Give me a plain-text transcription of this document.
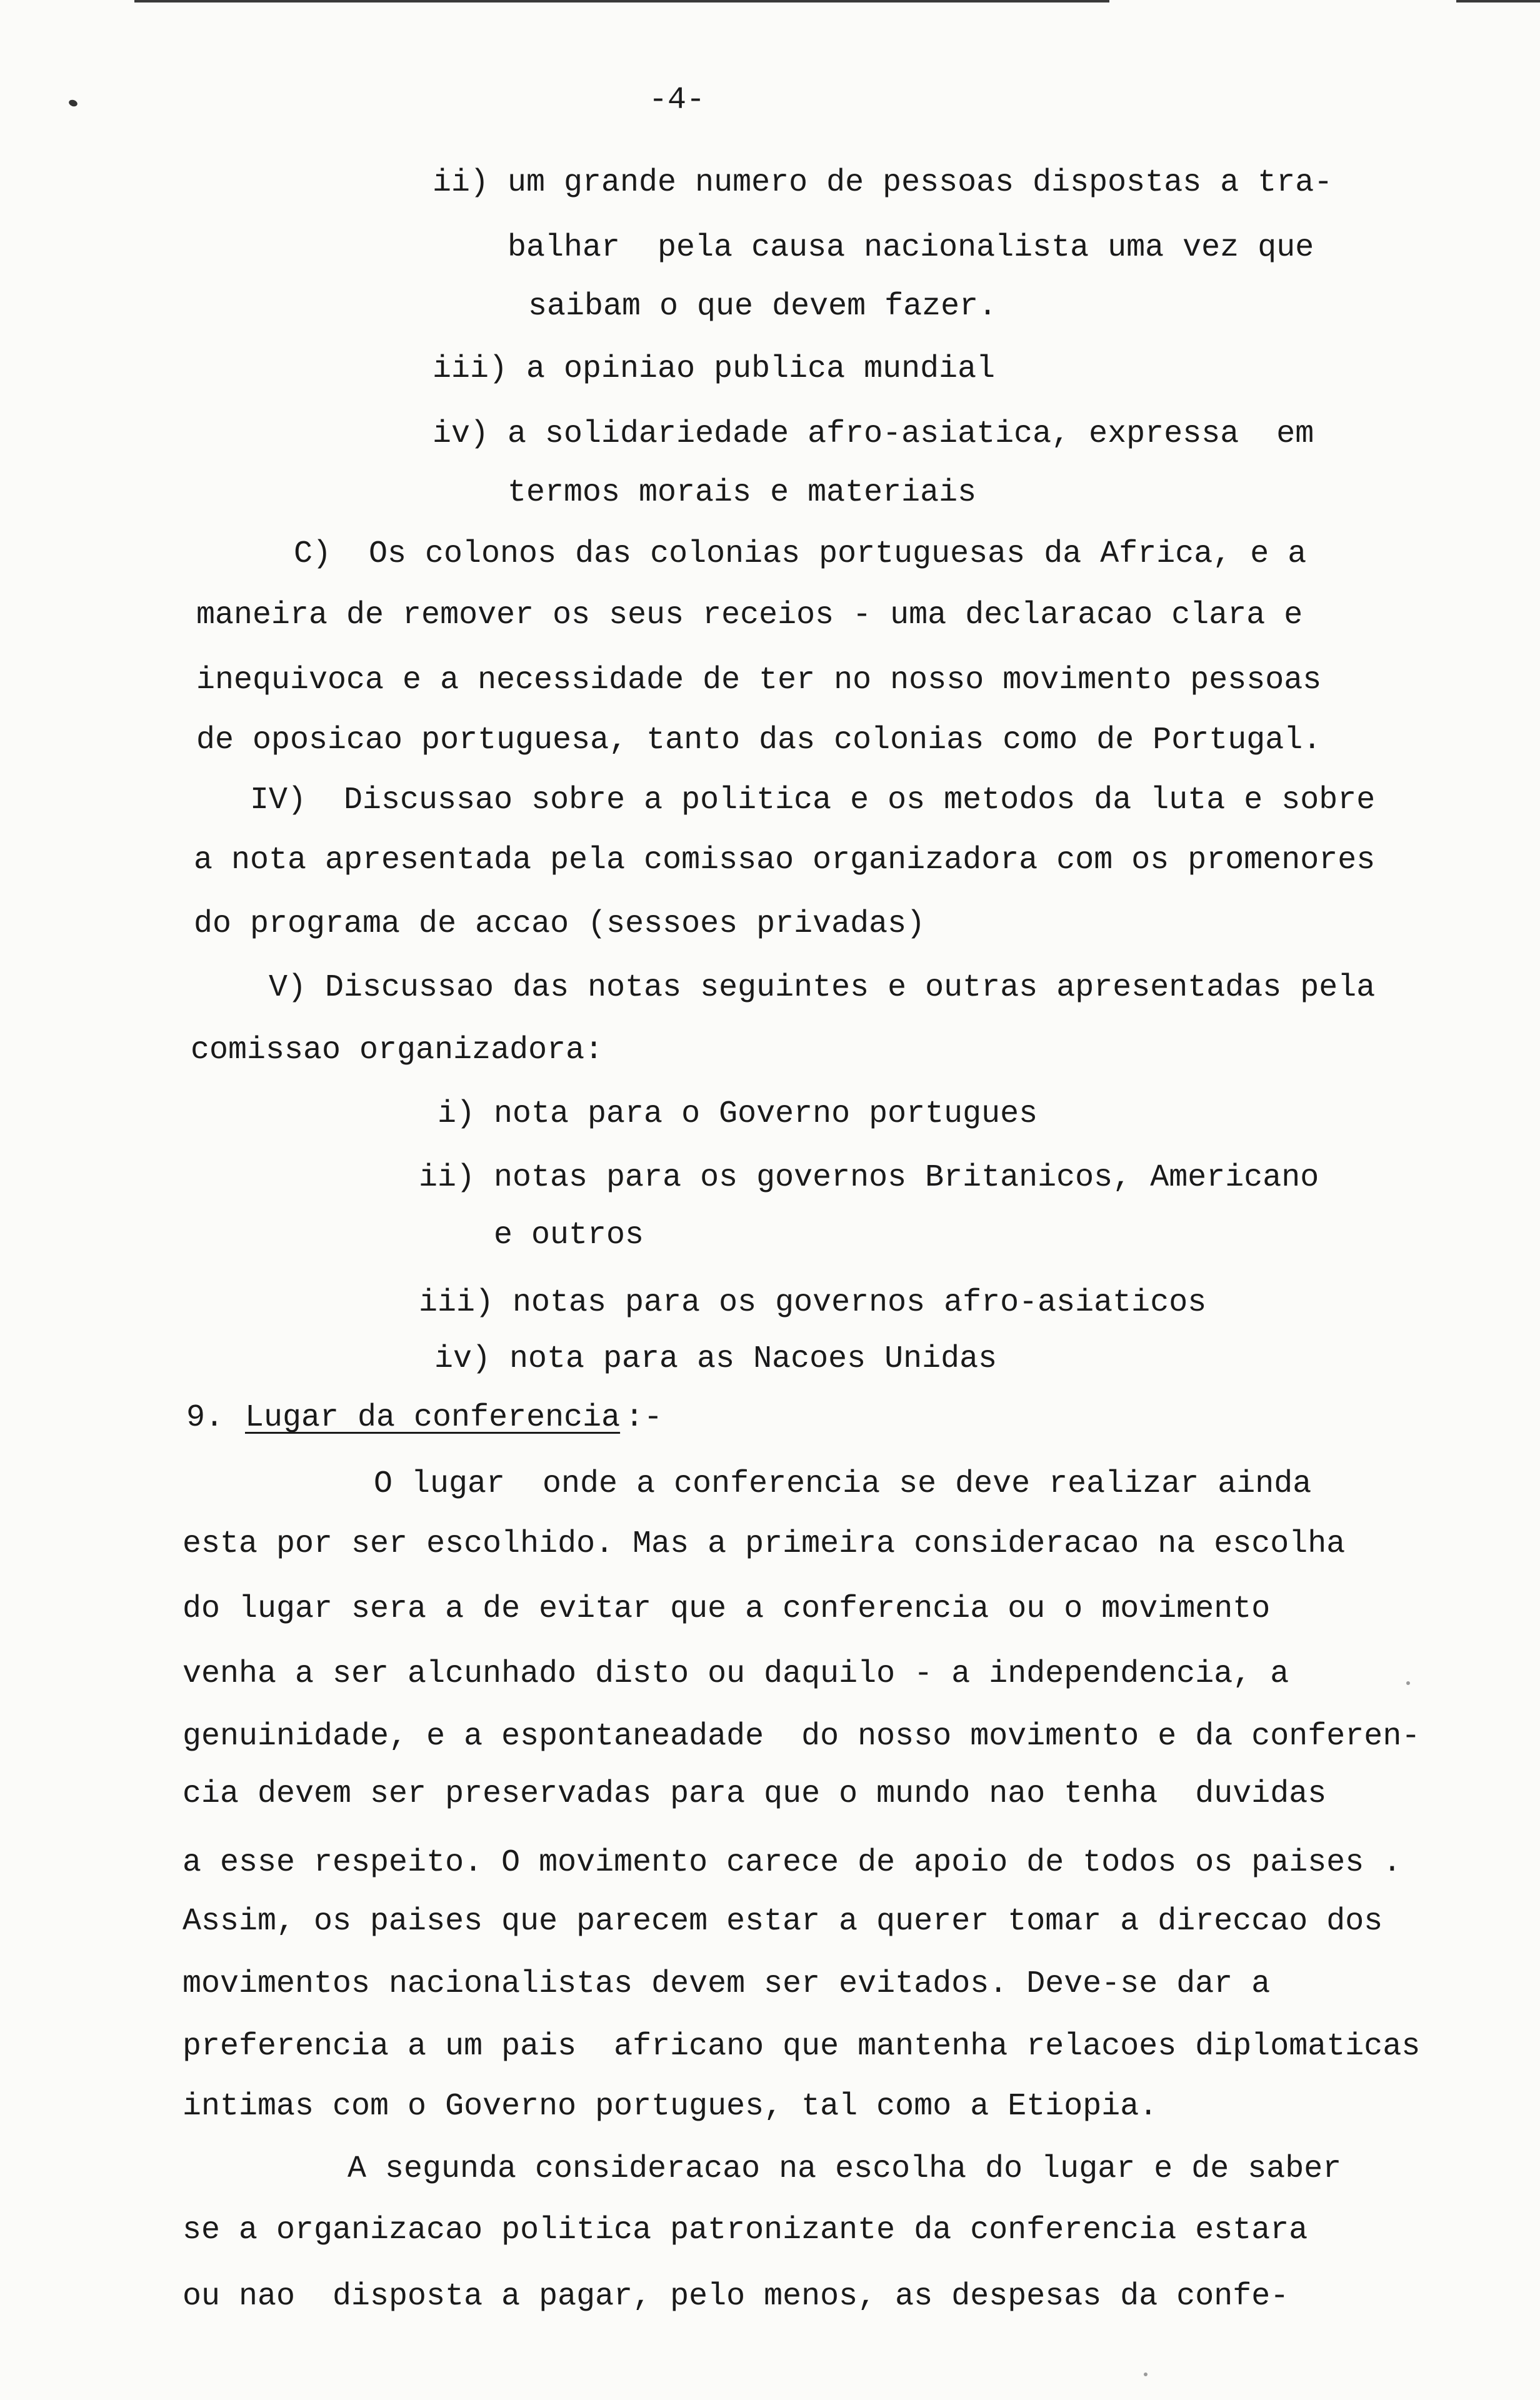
-4-
ii) um grande numero de pessoas dispostas a tra-
balhar  pela causa nacionalista uma vez que
saibam o que devem fazer.
iii) a opiniao publica mundial
iv) a solidariedade afro-asiatica, expressa  em
termos morais e materiais
C)  Os colonos das colonias portuguesas da Africa, e a
maneira de remover os seus receios - uma declaracao clara e
inequivoca e a necessidade de ter no nosso movimento pessoas
de oposicao portuguesa, tanto das colonias como de Portugal.
IV)  Discussao sobre a politica e os metodos da luta e sobre
a nota apresentada pela comissao organizadora com os promenores
do programa de accao (sessoes privadas)
V) Discussao das notas seguintes e outras apresentadas pela
comissao organizadora:
i) nota para o Governo portugues
ii) notas para os governos Britanicos, Americano
e outros
iii) notas para os governos afro-asiaticos
iv) nota para as Nacoes Unidas
9. Lugar da conferencia :-
O lugar  onde a conferencia se deve realizar ainda
esta por ser escolhido. Mas a primeira consideracao na escolha
do lugar sera a de evitar que a conferencia ou o movimento
venha a ser alcunhado disto ou daquilo - a independencia, a
genuinidade, e a espontaneadade  do nosso movimento e da conferen-
cia devem ser preservadas para que o mundo nao tenha  duvidas
a esse respeito. O movimento carece de apoio de todos os paises .
Assim, os paises que parecem estar a querer tomar a direccao dos
movimentos nacionalistas devem ser evitados. Deve-se dar a
preferencia a um pais  africano que mantenha relacoes diplomaticas
intimas com o Governo portugues, tal como a Etiopia.
A segunda consideracao na escolha do lugar e de saber
se a organizacao politica patronizante da conferencia estara
ou nao  disposta a pagar, pelo menos, as despesas da confe-
